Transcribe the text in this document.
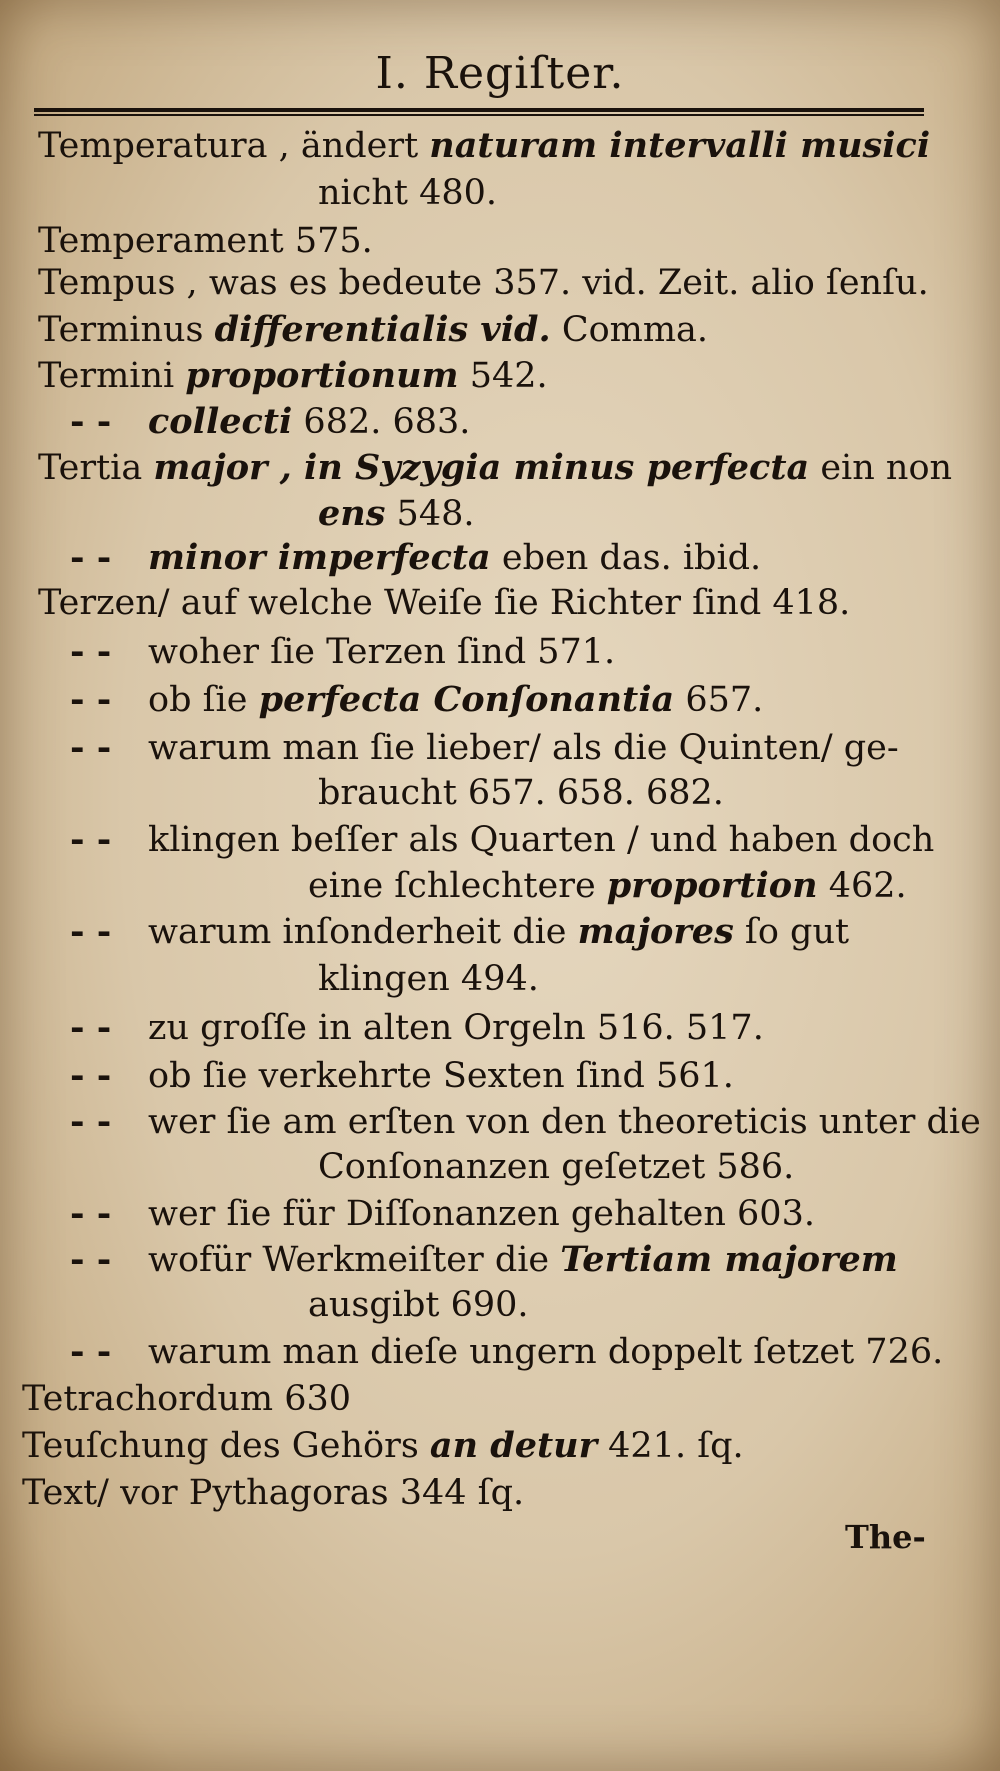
I. Regiſter.
Temperatura , ändert naturam intervalli musici
nicht 480.
Temperament 575.
Tempus , was es bedeute 357. vid. Zeit. alio ſenſu.
Terminus differentialis vid. Comma.
Termini proportionum 542.
- -collecti 682. 683.
Tertia major , in Syzygia minus perfecta ein non
ens 548.
- -minor imperfecta eben das. ibid.
Terzen/ auf welche Weiſe ſie Richter ſind 418.
- -woher ſie Terzen ſind 571.
- -ob ſie perfecta Conſonantia 657.
- -warum man ſie lieber/ als die Quinten/ ge-
braucht 657. 658. 682.
- -klingen beſſer als Quarten / und haben doch
eine ſchlechtere proportion 462.
- -warum inſonderheit die majores ſo gut
klingen 494.
- -zu groſſe in alten Orgeln 516. 517.
- -ob ſie verkehrte Sexten ſind 561.
- -wer ſie am erſten von den theoreticis unter die
Conſonanzen geſetzet 586.
- -wer ſie für Diſſonanzen gehalten 603.
- -wofür Werkmeiſter die Tertiam majorem
ausgibt 690.
- -warum man dieſe ungern doppelt ſetzet 726.
Tetrachordum 630
Teuſchung des Gehörs an detur 421. ſq.
Text/ vor Pythagoras 344 ſq.
The-
